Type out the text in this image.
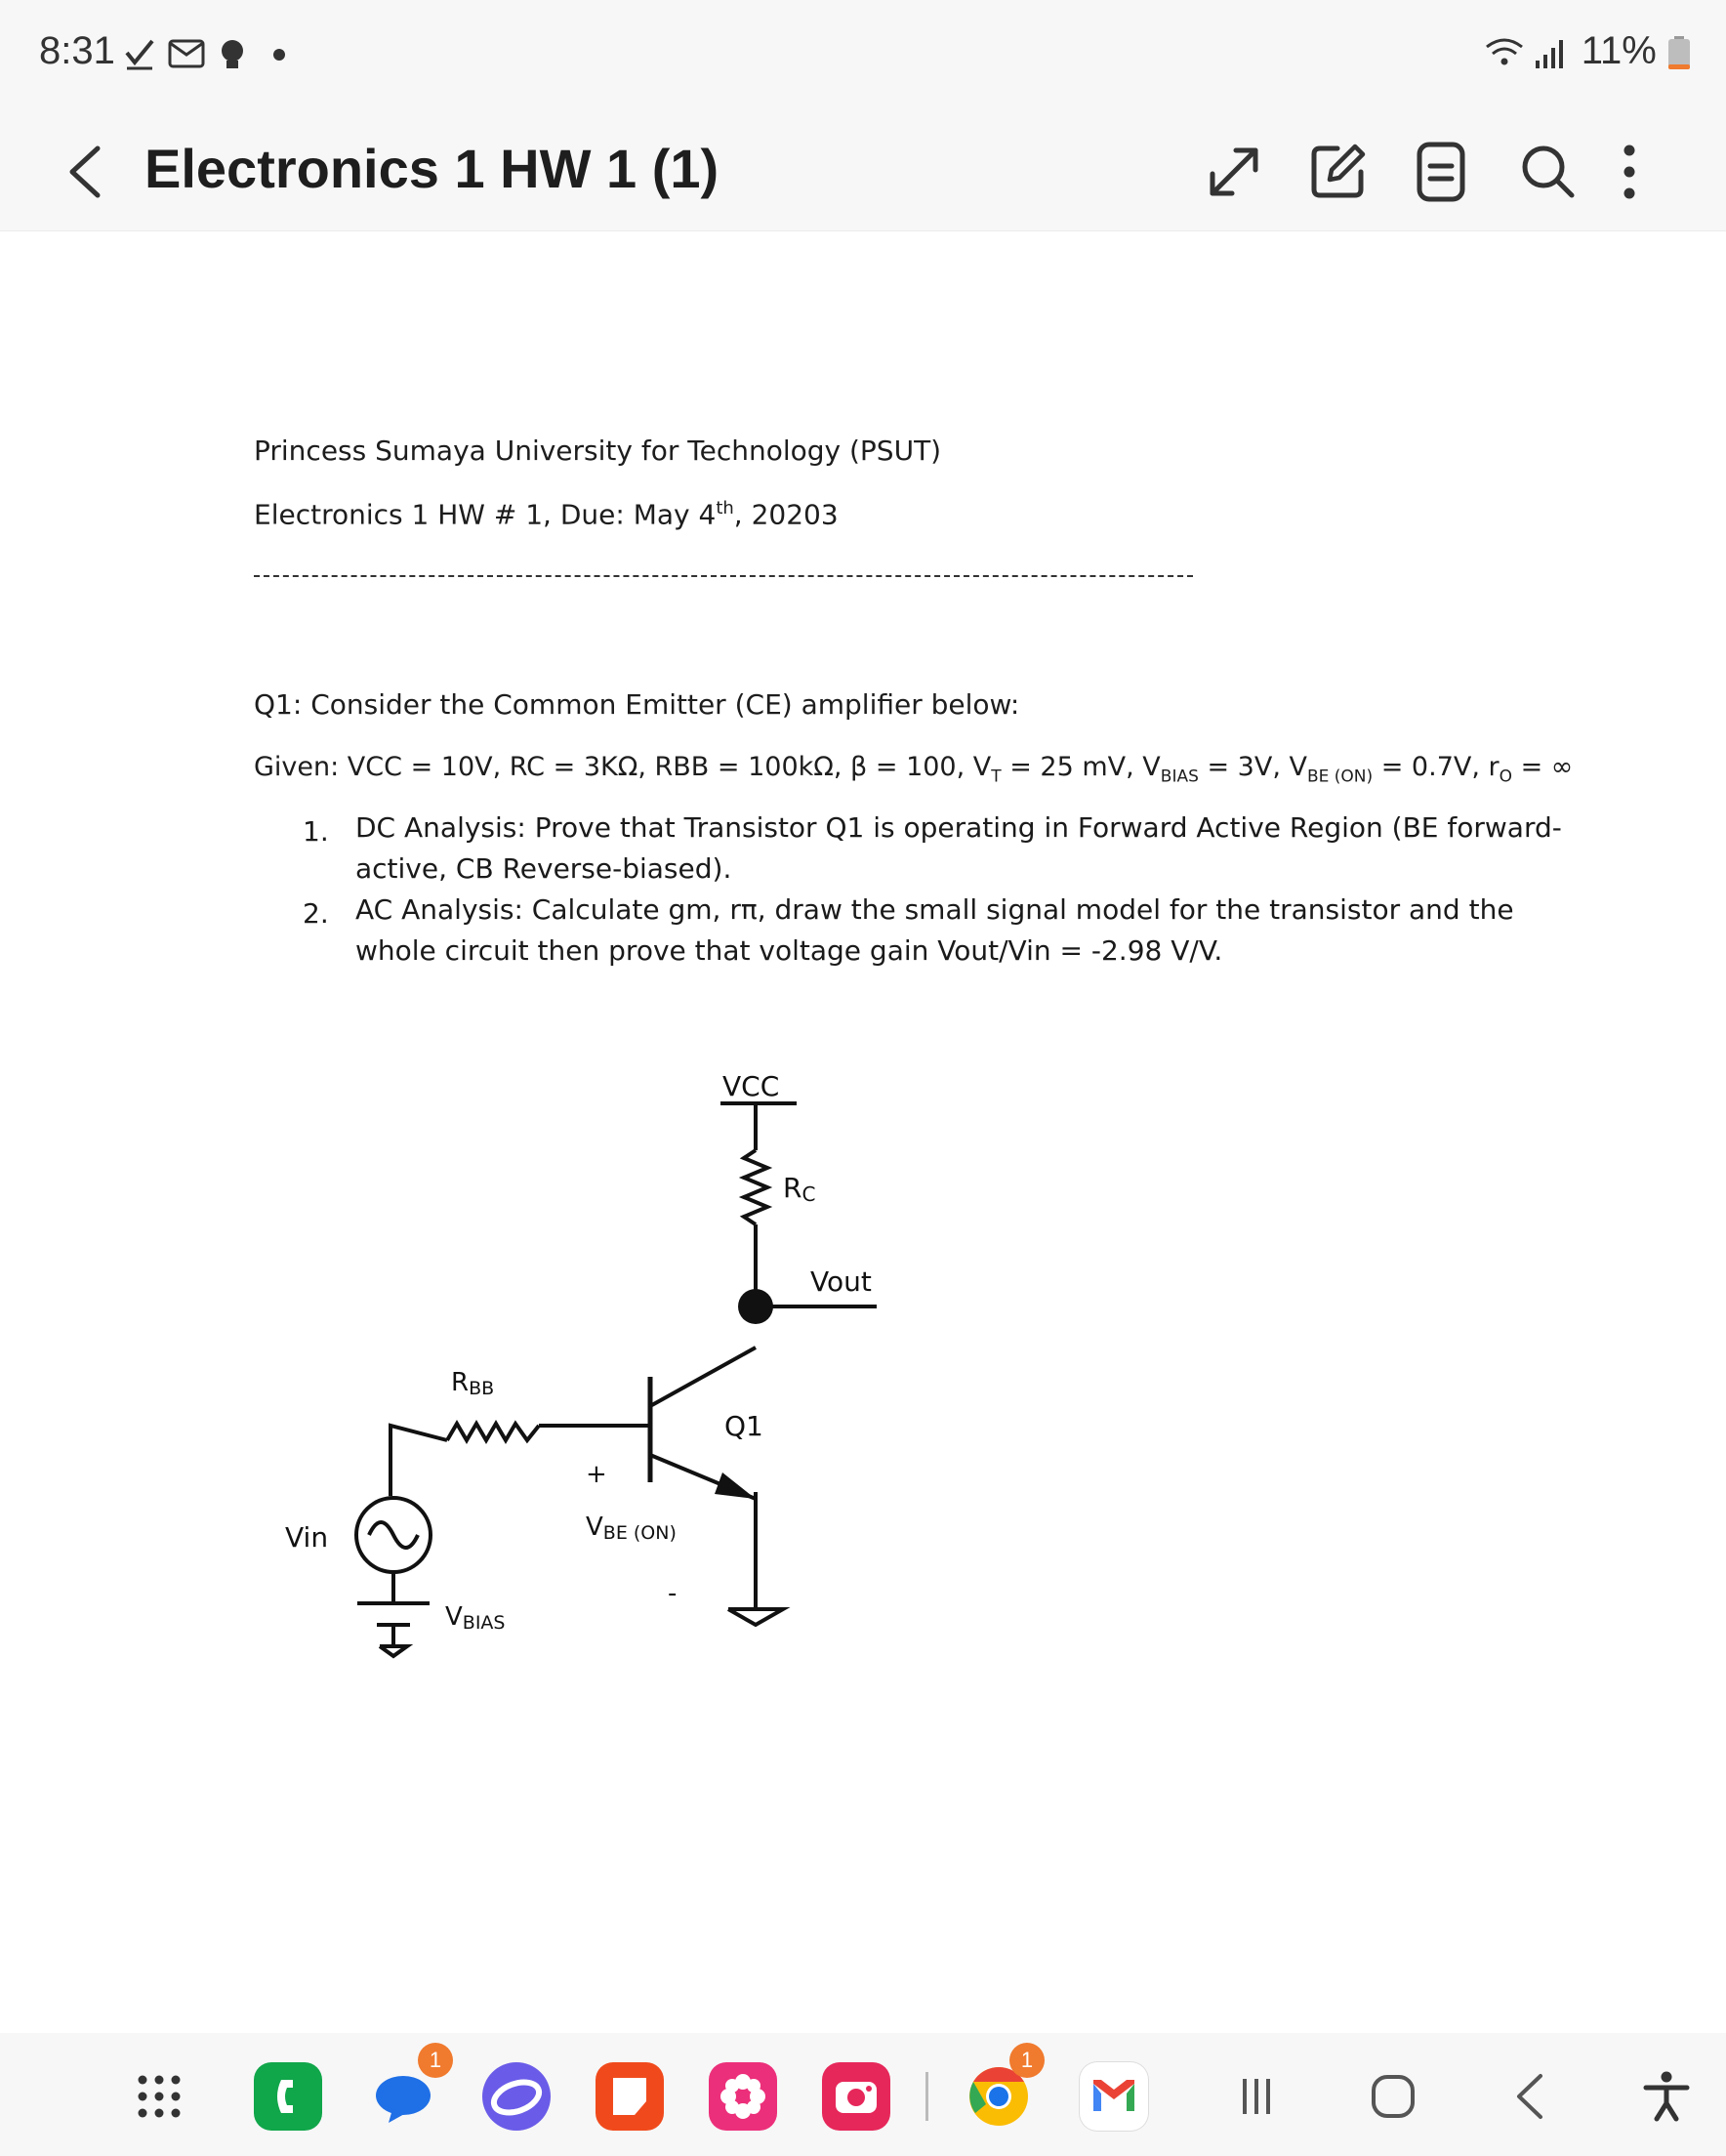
8:31	11%
Electronics 1 HW 1 (1)
Princess Sumaya University for Technology (PSUT)
Electronics 1 HW # 1, Due: May 4th, 20203
Q1: Consider the Common Emitter (CE) amplifier below:
Given: VCC = 10V, RC = 3KΩ, RBB = 100kΩ, β = 100, $V_T = 25$ mV, $V_{BIAS} = 3V$, $V_{BE (ON)} = 0.7V$, $r_O$ = ∞
1. DC Analysis: Prove that Transistor Q1 is operating in Forward Active Region (BE forward-active, CB Reverse-biased).
2. AC Analysis: Calculate gm, rπ, draw the small signal model for the transistor and the whole circuit then prove that voltage gain Vout/Vin = -2.98 V/V.
VCC
RC
Vout
RBB
Q1
+
VBE (ON)
-
Vin
VBIAS
1	1
